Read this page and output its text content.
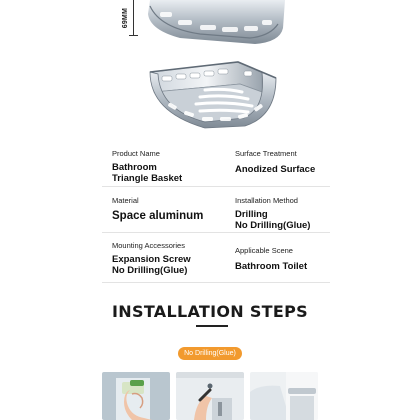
69MM
Product Name
Bathroom
Triangle Basket
Surface Treatment
Anodized Surface
Material
Space aluminum
Installation Method
Drilling
No Drilling(Glue)
Mounting Accessories
Expansion Screw
No Drilling(Glue)
Applicable Scene
Bathroom Toilet
INSTALLATION STEPS
No Drilling(Glue)
